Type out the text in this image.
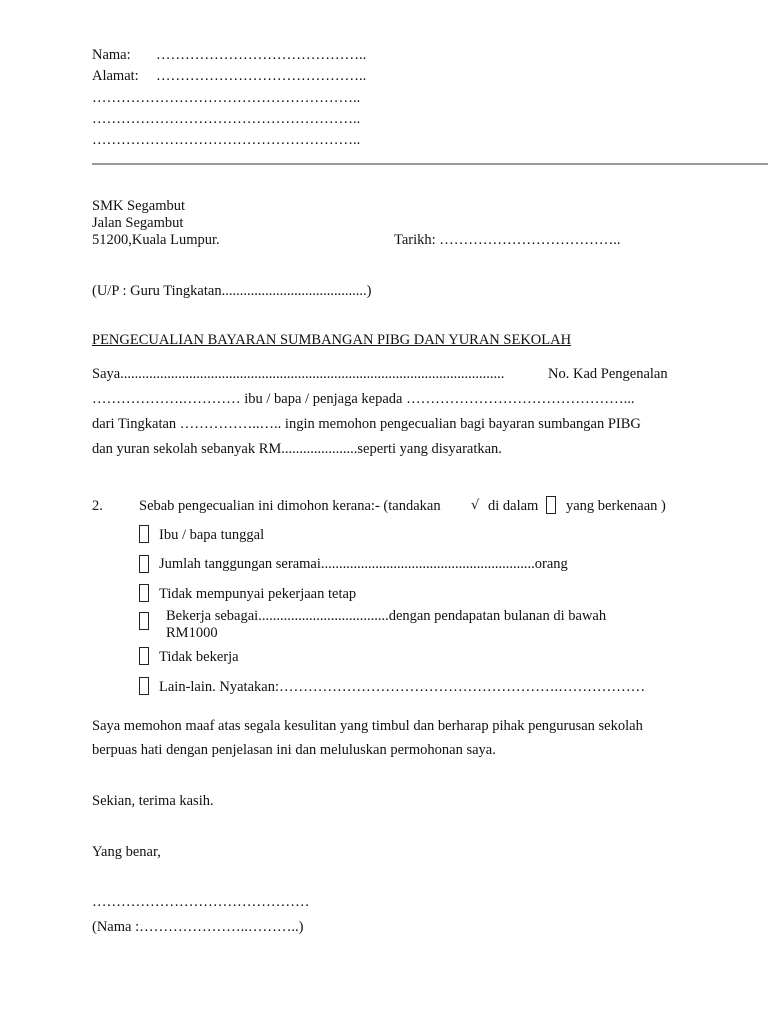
Nama: ……………………………………..
Alamat: ……………………………………..
………………………………………………..
………………………………………………..
………………………………………………..
SMK Segambut
Jalan Segambut
51200,Kuala Lumpur.	Tarikh: ………………………………..
(U/P : Guru Tingkatan........................................)
PENGECUALIAN BAYARAN SUMBANGAN PIBG DAN YURAN SEKOLAH
Saya..........................................................................................................	No. Kad Pengenalan
……………….………… ibu / bapa / penjaga kepada ………………………………………...
dari Tingkatan ……………..….. ingin memohon pengecualian bagi bayaran sumbangan PIBG
dan yuran sekolah sebanyak RM.....................seperti yang disyaratkan.
2. Sebab pengecualian ini dimohon kerana:- (tandakan √ di dalam yang berkenaan )
Ibu / bapa tunggal
Jumlah tanggungan seramai...........................................................orang
Tidak mempunyai pekerjaan tetap
Bekerja sebagai....................................dengan pendapatan bulanan di bawah
RM1000
Tidak bekerja
Lain-lain. Nyatakan:………………………………………………….………………
Saya memohon maaf atas segala kesulitan yang timbul dan berharap pihak pengurusan sekolah
berpuas hati dengan penjelasan ini dan meluluskan permohonan saya.
Sekian, terima kasih.
Yang benar,
………………………………………
(Nama :…………………..………..)
